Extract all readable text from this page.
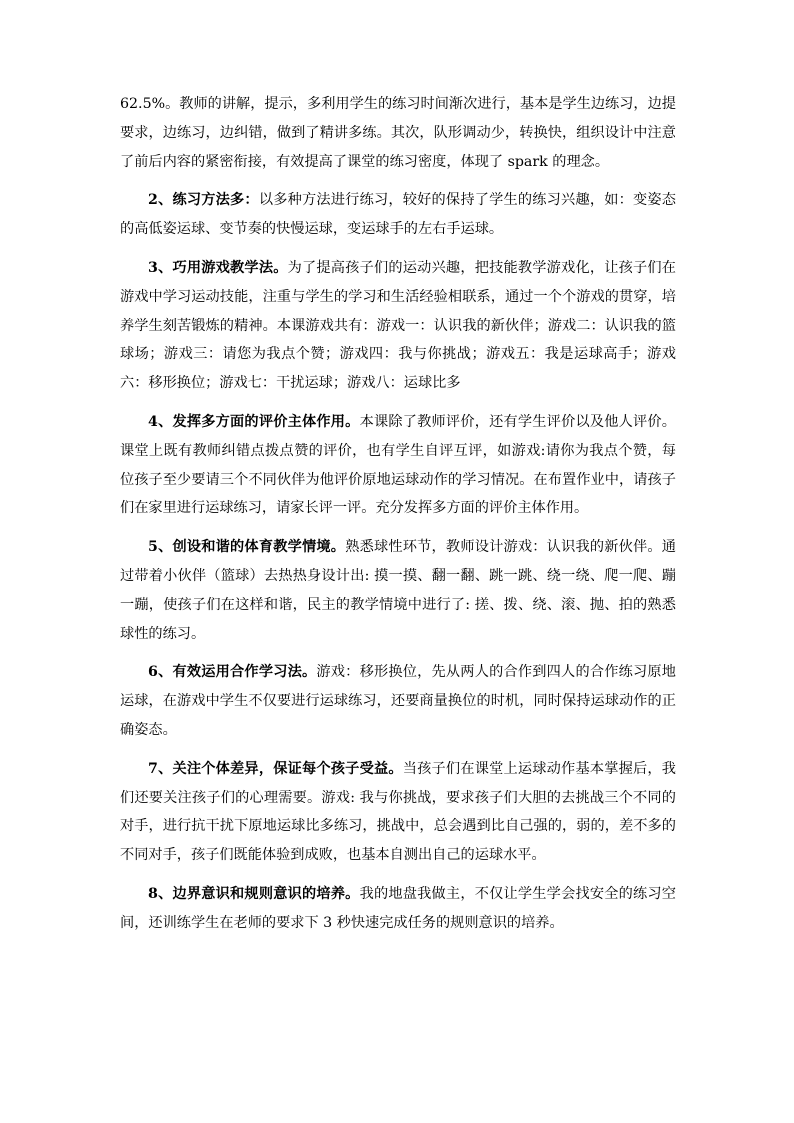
62.5%。教师的讲解，提示，多利用学生的练习时间渐次进行，基本是学生边练习，边提要求，边练习，边纠错，做到了精讲多练。其次，队形调动少，转换快，组织设计中注意了前后内容的紧密衔接，有效提高了课堂的练习密度，体现了 spark 的理念。

2、练习方法多：以多种方法进行练习，较好的保持了学生的练习兴趣，如：变姿态的高低姿运球、变节奏的快慢运球，变运球手的左右手运球。

3、巧用游戏教学法。为了提高孩子们的运动兴趣，把技能教学游戏化，让孩子们在游戏中学习运动技能，注重与学生的学习和生活经验相联系，通过一个个游戏的贯穿，培养学生刻苦锻炼的精神。本课游戏共有：游戏一：认识我的新伙伴；游戏二：认识我的篮球场；游戏三：请您为我点个赞；游戏四：我与你挑战；游戏五：我是运球高手；游戏六：移形换位；游戏七：干扰运球；游戏八：运球比多

4、发挥多方面的评价主体作用。本课除了教师评价，还有学生评价以及他人评价。课堂上既有教师纠错点拨点赞的评价，也有学生自评互评，如游戏:请你为我点个赞，每位孩子至少要请三个不同伙伴为他评价原地运球动作的学习情况。在布置作业中，请孩子们在家里进行运球练习，请家长评一评。充分发挥多方面的评价主体作用。

5、创设和谐的体育教学情境。熟悉球性环节，教师设计游戏：认识我的新伙伴。通过带着小伙伴（篮球）去热热身设计出: 摸一摸、翻一翻、跳一跳、绕一绕、爬一爬、蹦一蹦，使孩子们在这样和谐，民主的教学情境中进行了: 搓、拨、绕、滚、抛、拍的熟悉球性的练习。

6、有效运用合作学习法。游戏：移形换位，先从两人的合作到四人的合作练习原地运球，在游戏中学生不仅要进行运球练习，还要商量换位的时机，同时保持运球动作的正确姿态。

7、关注个体差异，保证每个孩子受益。当孩子们在课堂上运球动作基本掌握后，我们还要关注孩子们的心理需要。游戏: 我与你挑战，要求孩子们大胆的去挑战三个不同的对手，进行抗干扰下原地运球比多练习，挑战中，总会遇到比自己强的，弱的，差不多的不同对手，孩子们既能体验到成败，也基本自测出自己的运球水平。

8、边界意识和规则意识的培养。我的地盘我做主，不仅让学生学会找安全的练习空间，还训练学生在老师的要求下 3 秒快速完成任务的规则意识的培养。
